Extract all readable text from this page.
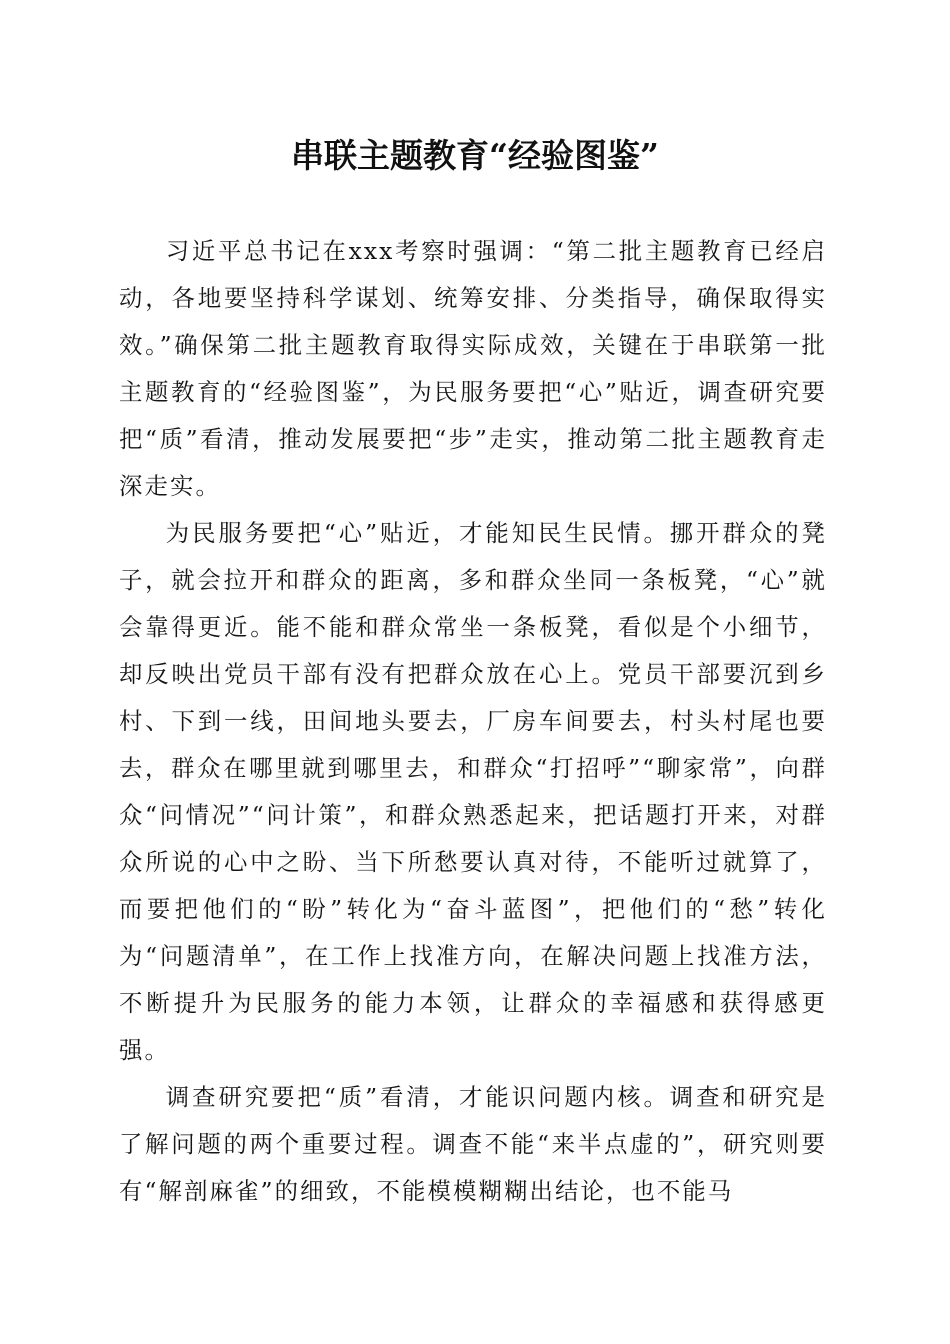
串联主题教育“经验图鉴”

习近平总书记在xxx考察时强调：“第二批主题教育已经启动，各地要坚持科学谋划、统筹安排、分类指导，确保取得实效。”确保第二批主题教育取得实际成效，关键在于串联第一批主题教育的“经验图鉴”，为民服务要把“心”贴近，调查研究要把“质”看清，推动发展要把“步”走实，推动第二批主题教育走深走实。

为民服务要把“心”贴近，才能知民生民情。挪开群众的凳子，就会拉开和群众的距离，多和群众坐同一条板凳，“心”就会靠得更近。能不能和群众常坐一条板凳，看似是个小细节，却反映出党员干部有没有把群众放在心上。党员干部要沉到乡村、下到一线，田间地头要去，厂房车间要去，村头村尾也要去，群众在哪里就到哪里去，和群众“打招呼”“聊家常”，向群众“问情况”“问计策”，和群众熟悉起来，把话题打开来，对群众所说的心中之盼、当下所愁要认真对待，不能听过就算了，而要把他们的“盼”转化为“奋斗蓝图”，把他们的“愁”转化为“问题清单”，在工作上找准方向，在解决问题上找准方法，不断提升为民服务的能力本领，让群众的幸福感和获得感更强。

调查研究要把“质”看清，才能识问题内核。调查和研究是了解问题的两个重要过程。调查不能“来半点虚的”，研究则要有“解剖麻雀”的细致，不能模模糊糊出结论，也不能马
